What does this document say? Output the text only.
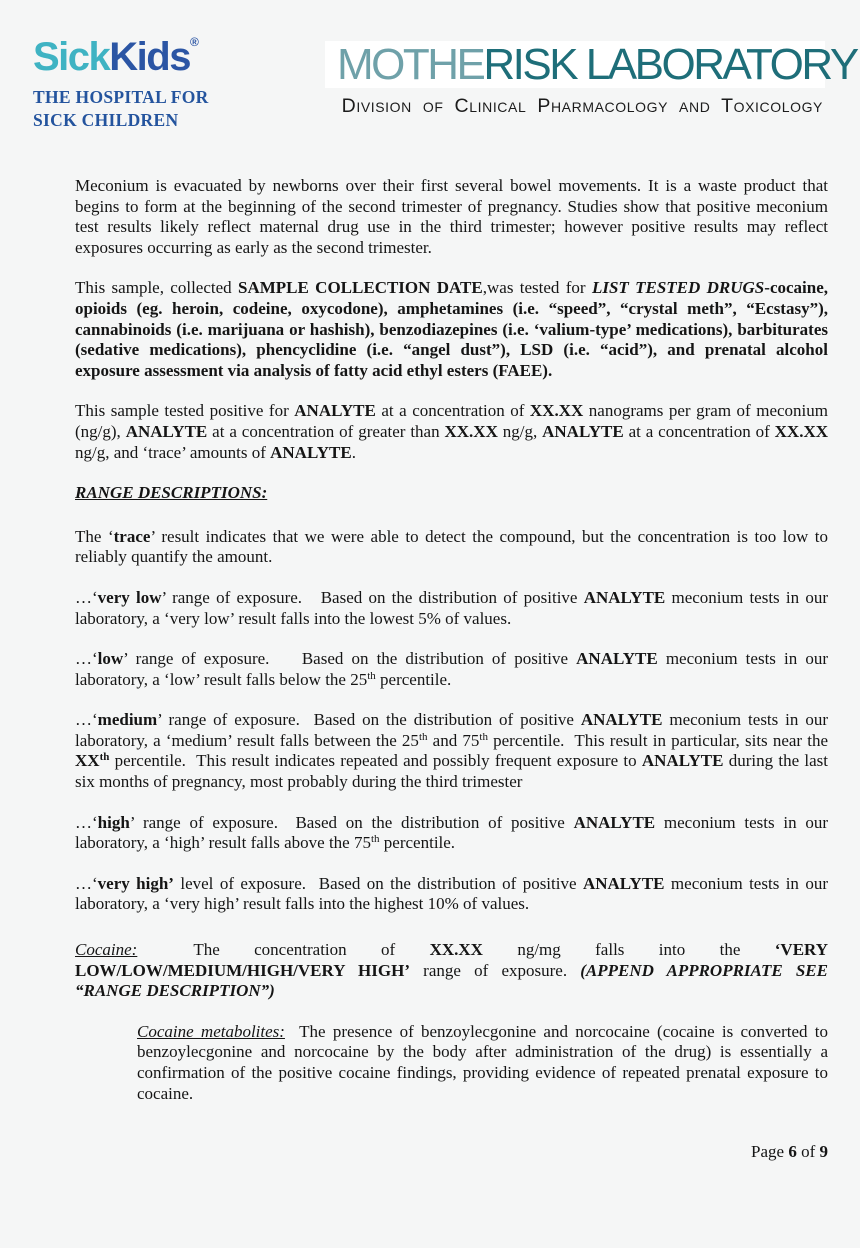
SickKids®
THE HOSPITAL FOR
SICK CHILDREN
MOTHE RISK LABORATORY
Division of Clinical Pharmacology and Toxicology

Meconium is evacuated by newborns over their first several bowel movements. It is a waste product that begins to form at the beginning of the second trimester of pregnancy. Studies show that positive meconium test results likely reflect maternal drug use in the third trimester; however positive results may reflect exposures occurring as early as the second trimester.

This sample, collected SAMPLE COLLECTION DATE,was tested for LIST TESTED DRUGS-cocaine, opioids (eg. heroin, codeine, oxycodone), amphetamines (i.e. “speed”, “crystal meth”, “Ecstasy”), cannabinoids (i.e. marijuana or hashish), benzodiazepines (i.e. ‘valium-type’ medications), barbiturates (sedative medications), phencyclidine (i.e. “angel dust”), LSD (i.e. “acid”), and prenatal alcohol exposure assessment via analysis of fatty acid ethyl esters (FAEE).

This sample tested positive for ANALYTE at a concentration of XX.XX nanograms per gram of meconium (ng/g), ANALYTE at a concentration of greater than XX.XX ng/g, ANALYTE at a concentration of XX.XX ng/g, and ‘trace’ amounts of ANALYTE.

RANGE DESCRIPTIONS:

The ‘trace’ result indicates that we were able to detect the compound, but the concentration is too low to reliably quantify the amount.

…‘very low’ range of exposure.   Based on the distribution of positive ANALYTE meconium tests in our laboratory, a ‘very low’ result falls into the lowest 5% of values.

…‘low’ range of exposure.    Based on the distribution of positive ANALYTE meconium tests in our laboratory, a ‘low’ result falls below the 25th percentile.

…‘medium’ range of exposure.  Based on the distribution of positive ANALYTE meconium tests in our laboratory, a ‘medium’ result falls between the 25th and 75th percentile.  This result in particular, sits near the XXth percentile.  This result indicates repeated and possibly frequent exposure to ANALYTE during the last six months of pregnancy, most probably during the third trimester

…‘high’ range of exposure.  Based on the distribution of positive ANALYTE meconium tests in our laboratory, a ‘high’ result falls above the 75th percentile.

…‘very high’ level of exposure.  Based on the distribution of positive ANALYTE meconium tests in our laboratory, a ‘very high’ result falls into the highest 10% of values.

Cocaine:	The concentration of XX.XX ng/mg falls into the ‘VERY LOW/LOW/MEDIUM/HIGH/VERY HIGH’ range of exposure. (APPEND APPROPRIATE SEE “RANGE DESCRIPTION”)

Cocaine metabolites:  The presence of benzoylecgonine and norcocaine (cocaine is converted to benzoylecgonine and norcocaine by the body after administration of the drug) is essentially a confirmation of the positive cocaine findings, providing evidence of repeated prenatal exposure to cocaine.

Page 6 of 9
